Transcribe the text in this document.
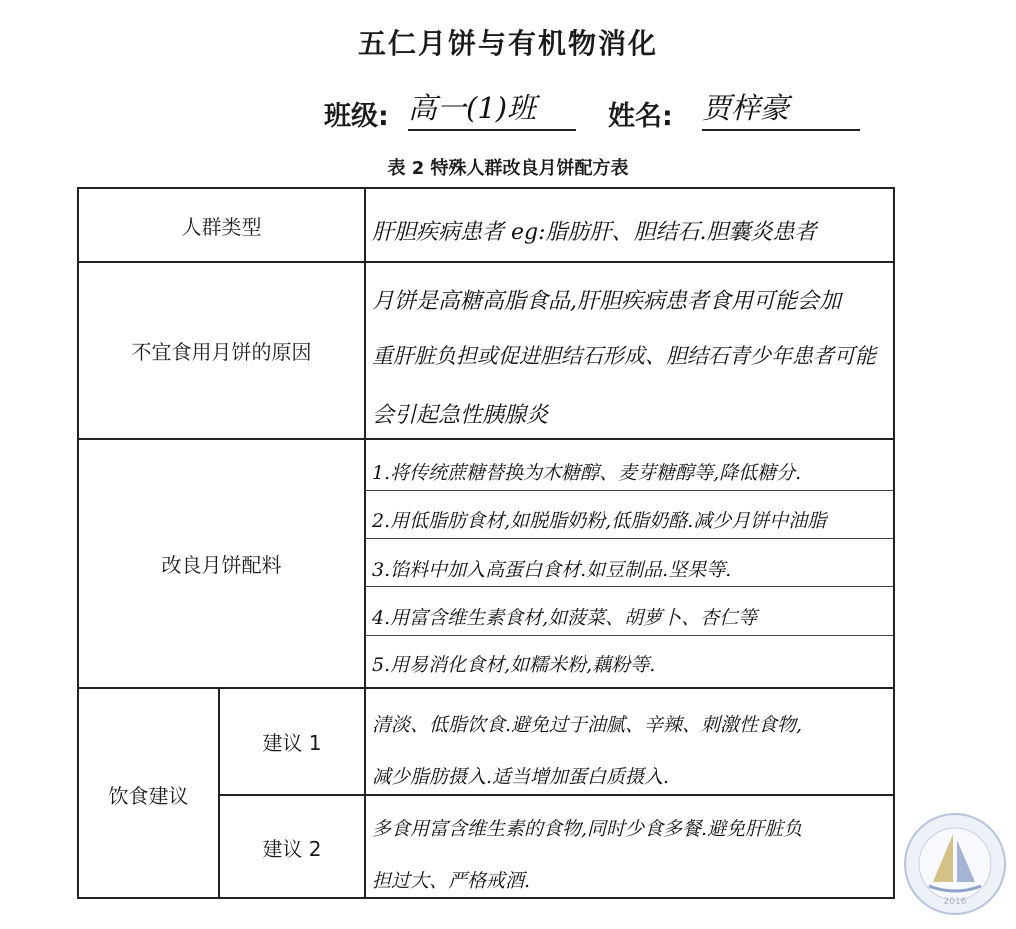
五仁月饼与有机物消化
班级: 高一(1)班	姓名: 贾梓豪
表 2 特殊人群改良月饼配方表
人群类型	肝胆疾病患者 eg:脂肪肝、胆结石.胆囊炎患者
不宜食用月饼的原因
月饼是高糖高脂食品,肝胆疾病患者食用可能会加
重肝脏负担或促进胆结石形成、胆结石青少年患者可能
会引起急性胰腺炎
改良月饼配料
1.将传统蔗糖替换为木糖醇、麦芽糖醇等,降低糖分.
2.用低脂肪食材,如脱脂奶粉,低脂奶酪.减少月饼中油脂
3.馅料中加入高蛋白食材.如豆制品.坚果等.
4.用富含维生素食材,如菠菜、胡萝卜、杏仁等
5.用易消化食材,如糯米粉,藕粉等.
饮食建议
建议 1
清淡、低脂饮食.避免过于油腻、辛辣、刺激性食物,
减少脂肪摄入.适当增加蛋白质摄入.
建议 2
多食用富含维生素的食物,同时少食多餐.避免肝脏负
担过大、严格戒酒.
2016
